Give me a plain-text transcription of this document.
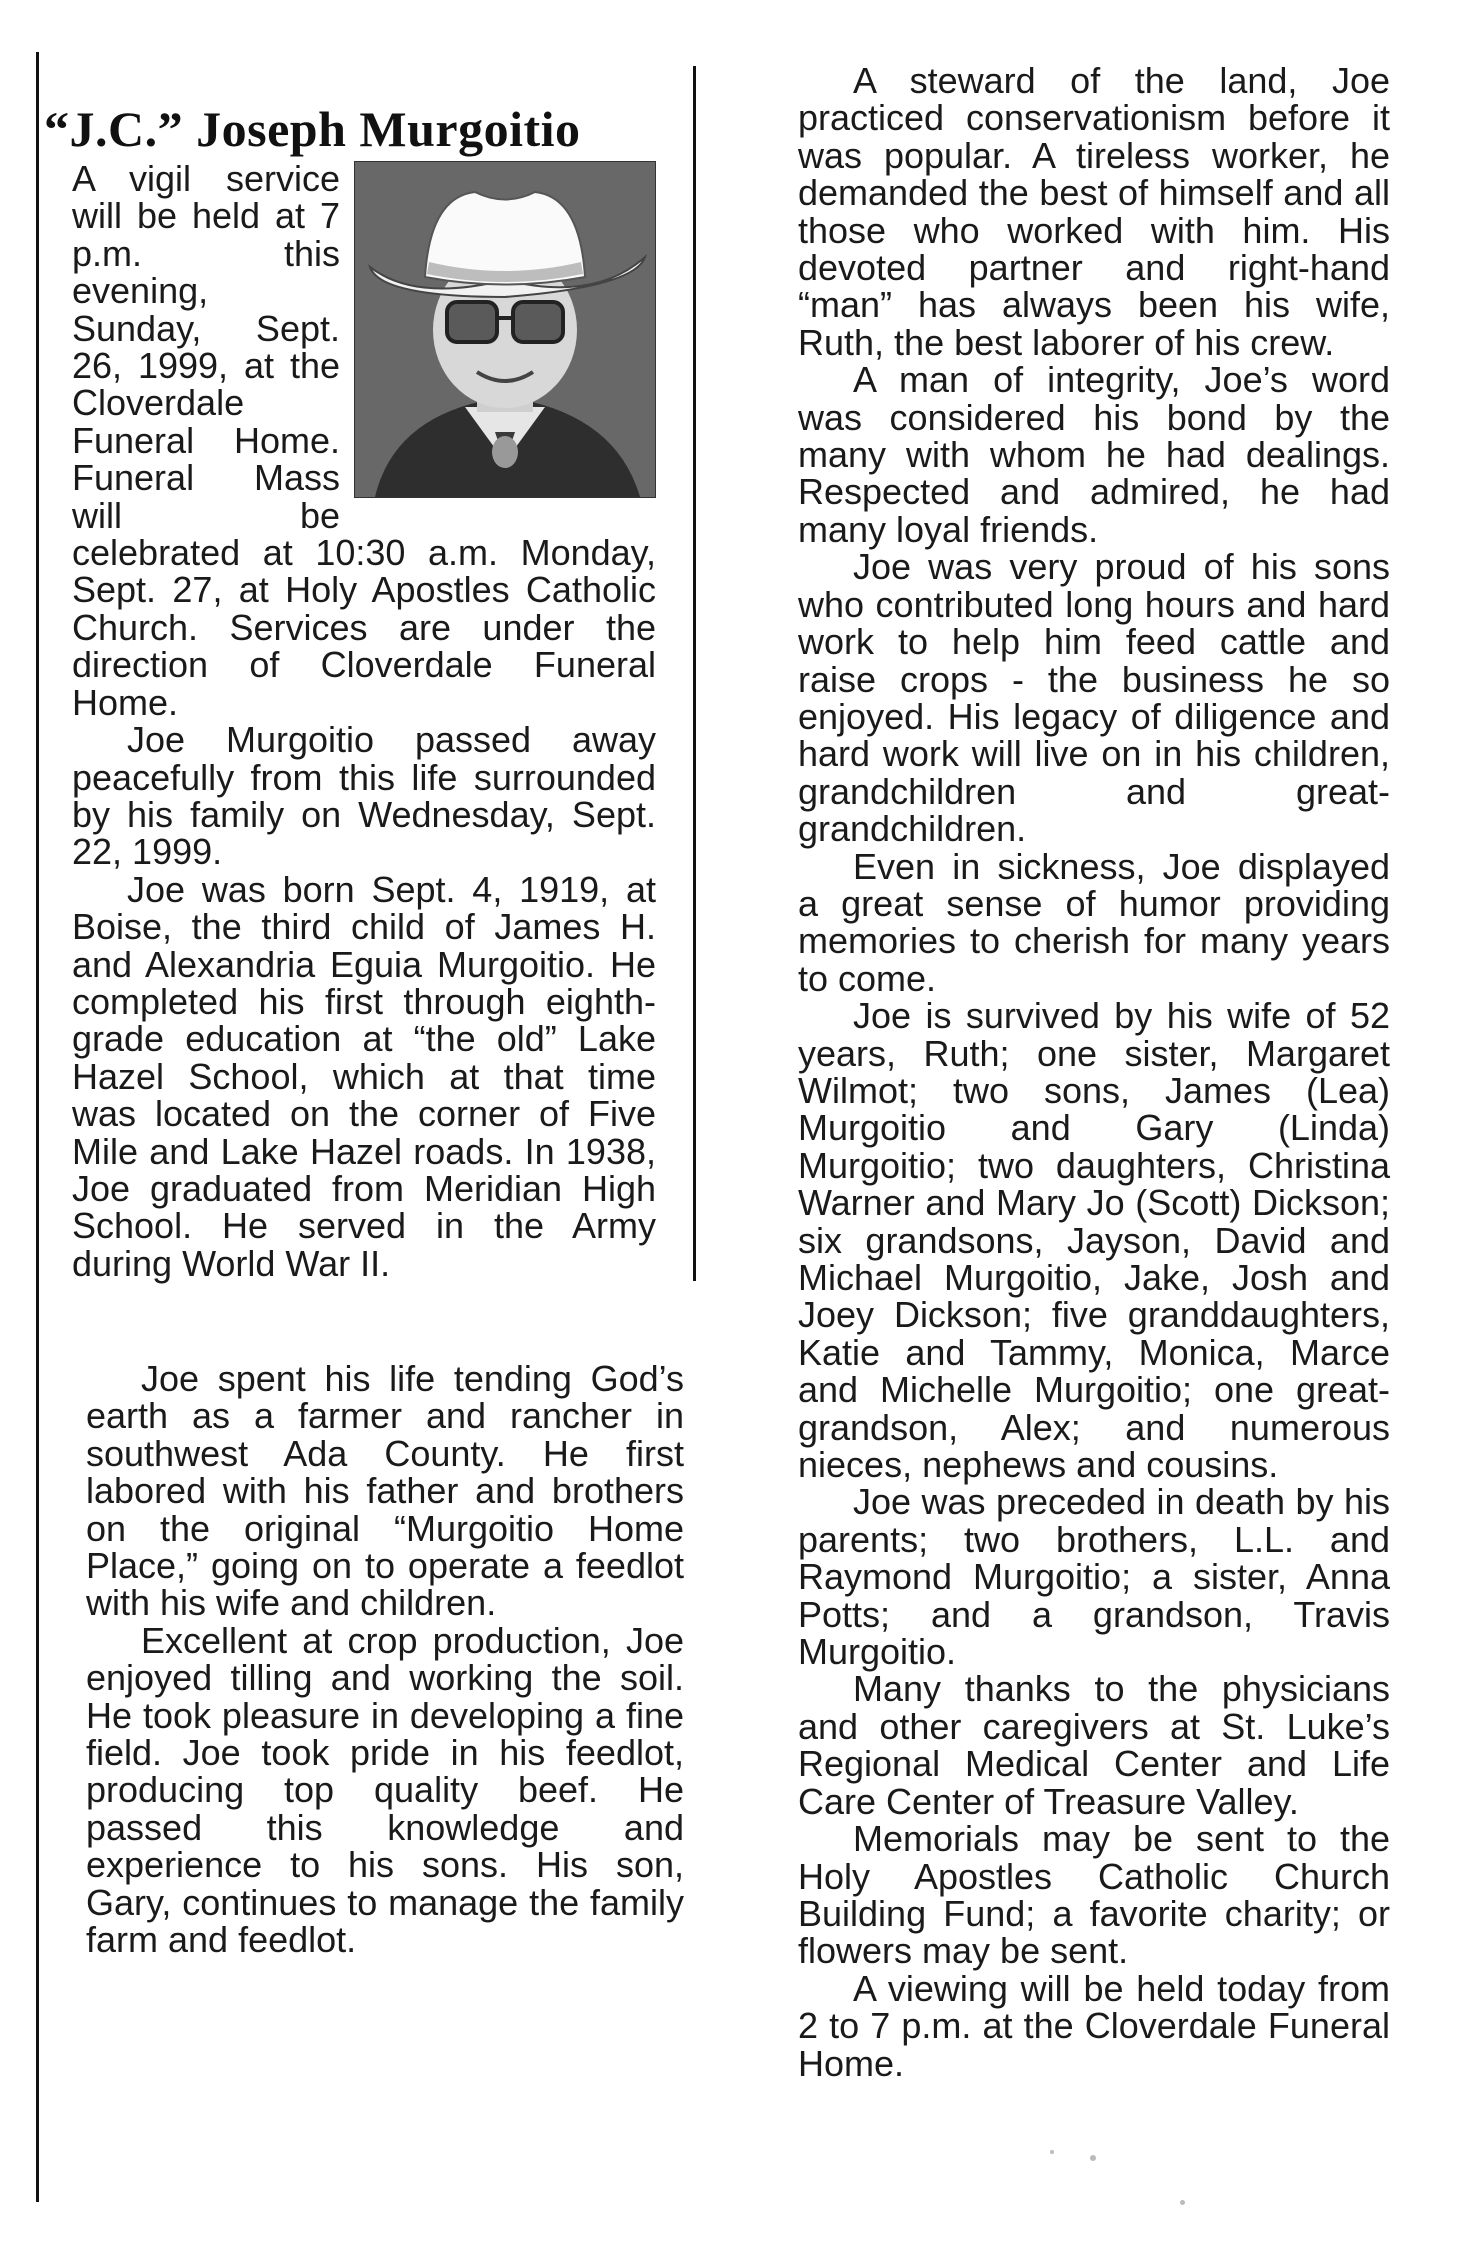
“J.C.” Joseph Murgoitio

A vigil service will be held at 7 p.m. this evening, Sunday, Sept. 26, 1999, at the Cloverdale Funeral Home. Funeral Mass will be celebrated at 10:30 a.m. Monday, Sept. 27, at Holy Apostles Catholic Church. Services are under the direction of Cloverdale Funeral Home.

Joe Murgoitio passed away peacefully from this life surrounded by his family on Wednesday, Sept. 22, 1999.

Joe was born Sept. 4, 1919, at Boise, the third child of James H. and Alexandria Eguia Murgoitio. He completed his first through eighth-grade education at “the old” Lake Hazel School, which at that time was located on the corner of Five Mile and Lake Hazel roads. In 1938, Joe graduated from Meridian High School. He served in the Army during World War II.

Joe spent his life tending God’s earth as a farmer and rancher in southwest Ada County. He first labored with his father and brothers on the original “Murgoitio Home Place,” going on to operate a feedlot with his wife and children.

Excellent at crop production, Joe enjoyed tilling and working the soil. He took pleasure in developing a fine field. Joe took pride in his feedlot, producing top quality beef. He passed this knowledge and experience to his sons. His son, Gary, continues to manage the family farm and feedlot.

A steward of the land, Joe practiced conservationism before it was popular. A tireless worker, he demanded the best of himself and all those who worked with him. His devoted partner and right-hand “man” has always been his wife, Ruth, the best laborer of his crew.

A man of integrity, Joe’s word was considered his bond by the many with whom he had dealings. Respected and admired, he had many loyal friends.

Joe was very proud of his sons who contributed long hours and hard work to help him feed cattle and raise crops - the business he so enjoyed. His legacy of diligence and hard work will live on in his children, grandchildren and great-grandchildren.

Even in sickness, Joe displayed a great sense of humor providing memories to cherish for many years to come.

Joe is survived by his wife of 52 years, Ruth; one sister, Margaret Wilmot; two sons, James (Lea) Murgoitio and Gary (Linda) Murgoitio; two daughters, Christina Warner and Mary Jo (Scott) Dickson; six grandsons, Jayson, David and Michael Murgoitio, Jake, Josh and Joey Dickson; five granddaughters, Katie and Tammy, Monica, Marce and Michelle Murgoitio; one great-grandson, Alex; and numerous nieces, nephews and cousins.

Joe was preceded in death by his parents; two brothers, L.L. and Raymond Murgoitio; a sister, Anna Potts; and a grandson, Travis Murgoitio.

Many thanks to the physicians and other caregivers at St. Luke’s Regional Medical Center and Life Care Center of Treasure Valley.

Memorials may be sent to the Holy Apostles Catholic Church Building Fund; a favorite charity; or flowers may be sent.

A viewing will be held today from 2 to 7 p.m. at the Cloverdale Funeral Home.
